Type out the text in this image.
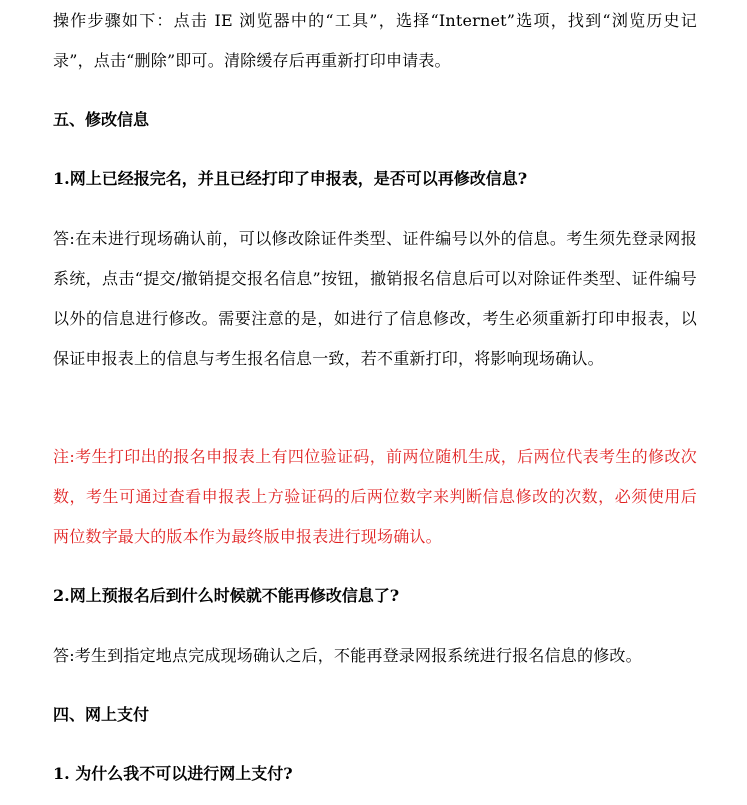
操作步骤如下：点击 IE 浏览器中的“工具”，选择“Internet”选项，找到“浏览历史记录”，点击“删除”即可。清除缓存后再重新打印申请表。

五、修改信息
1.网上已经报完名，并且已经打印了申报表，是否可以再修改信息?

答:在未进行现场确认前，可以修改除证件类型、证件编号以外的信息。考生须先登录网报系统，点击“提交/撤销提交报名信息”按钮，撤销报名信息后可以对除证件类型、证件编号以外的信息进行修改。需要注意的是，如进行了信息修改，考生必须重新打印申报表，以保证申报表上的信息与考生报名信息一致，若不重新打印，将影响现场确认。

注:考生打印出的报名申报表上有四位验证码，前两位随机生成，后两位代表考生的修改次数，考生可通过查看申报表上方验证码的后两位数字来判断信息修改的次数，必须使用后两位数字最大的版本作为最终版申报表进行现场确认。

2.网上预报名后到什么时候就不能再修改信息了?

答:考生到指定地点完成现场确认之后，不能再登录网报系统进行报名信息的修改。

四、网上支付
1. 为什么我不可以进行网上支付?
